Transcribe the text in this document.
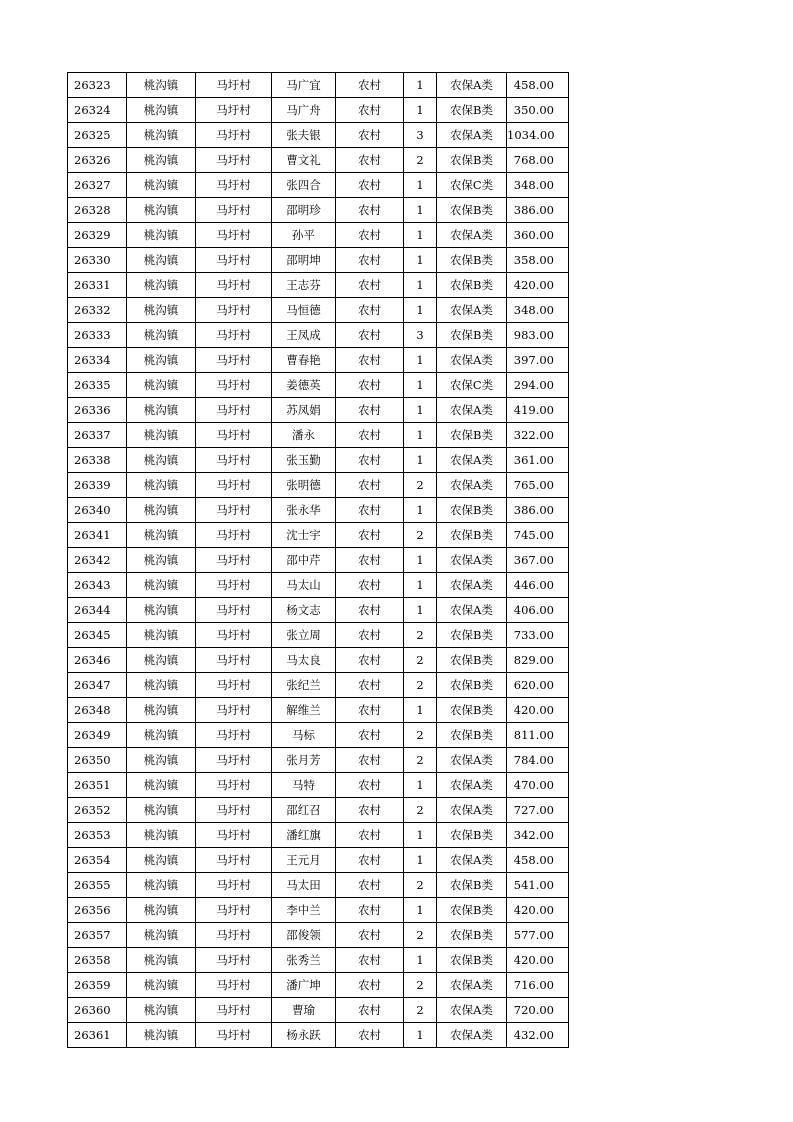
26323	桃沟镇	马圩村	马广宜	农村	1	农保A类	458.00
26324	桃沟镇	马圩村	马广舟	农村	1	农保B类	350.00
26325	桃沟镇	马圩村	张夫银	农村	3	农保A类	1034.00
26326	桃沟镇	马圩村	曹文礼	农村	2	农保B类	768.00
26327	桃沟镇	马圩村	张四合	农村	1	农保C类	348.00
26328	桃沟镇	马圩村	邵明珍	农村	1	农保B类	386.00
26329	桃沟镇	马圩村	孙平	农村	1	农保A类	360.00
26330	桃沟镇	马圩村	邵明坤	农村	1	农保B类	358.00
26331	桃沟镇	马圩村	王志芬	农村	1	农保B类	420.00
26332	桃沟镇	马圩村	马恒德	农村	1	农保A类	348.00
26333	桃沟镇	马圩村	王凤成	农村	3	农保B类	983.00
26334	桃沟镇	马圩村	曹春艳	农村	1	农保A类	397.00
26335	桃沟镇	马圩村	姜德英	农村	1	农保C类	294.00
26336	桃沟镇	马圩村	苏凤娟	农村	1	农保A类	419.00
26337	桃沟镇	马圩村	潘永	农村	1	农保B类	322.00
26338	桃沟镇	马圩村	张玉勤	农村	1	农保A类	361.00
26339	桃沟镇	马圩村	张明德	农村	2	农保A类	765.00
26340	桃沟镇	马圩村	张永华	农村	1	农保B类	386.00
26341	桃沟镇	马圩村	沈士宇	农村	2	农保B类	745.00
26342	桃沟镇	马圩村	邵中芹	农村	1	农保A类	367.00
26343	桃沟镇	马圩村	马太山	农村	1	农保A类	446.00
26344	桃沟镇	马圩村	杨文志	农村	1	农保A类	406.00
26345	桃沟镇	马圩村	张立周	农村	2	农保B类	733.00
26346	桃沟镇	马圩村	马太良	农村	2	农保B类	829.00
26347	桃沟镇	马圩村	张纪兰	农村	2	农保B类	620.00
26348	桃沟镇	马圩村	解维兰	农村	1	农保B类	420.00
26349	桃沟镇	马圩村	马标	农村	2	农保B类	811.00
26350	桃沟镇	马圩村	张月芳	农村	2	农保A类	784.00
26351	桃沟镇	马圩村	马特	农村	1	农保A类	470.00
26352	桃沟镇	马圩村	邵红召	农村	2	农保A类	727.00
26353	桃沟镇	马圩村	潘红旗	农村	1	农保B类	342.00
26354	桃沟镇	马圩村	王元月	农村	1	农保A类	458.00
26355	桃沟镇	马圩村	马太田	农村	2	农保B类	541.00
26356	桃沟镇	马圩村	李中兰	农村	1	农保B类	420.00
26357	桃沟镇	马圩村	邵俊领	农村	2	农保B类	577.00
26358	桃沟镇	马圩村	张秀兰	农村	1	农保B类	420.00
26359	桃沟镇	马圩村	潘广坤	农村	2	农保A类	716.00
26360	桃沟镇	马圩村	曹瑜	农村	2	农保A类	720.00
26361	桃沟镇	马圩村	杨永跃	农村	1	农保A类	432.00
